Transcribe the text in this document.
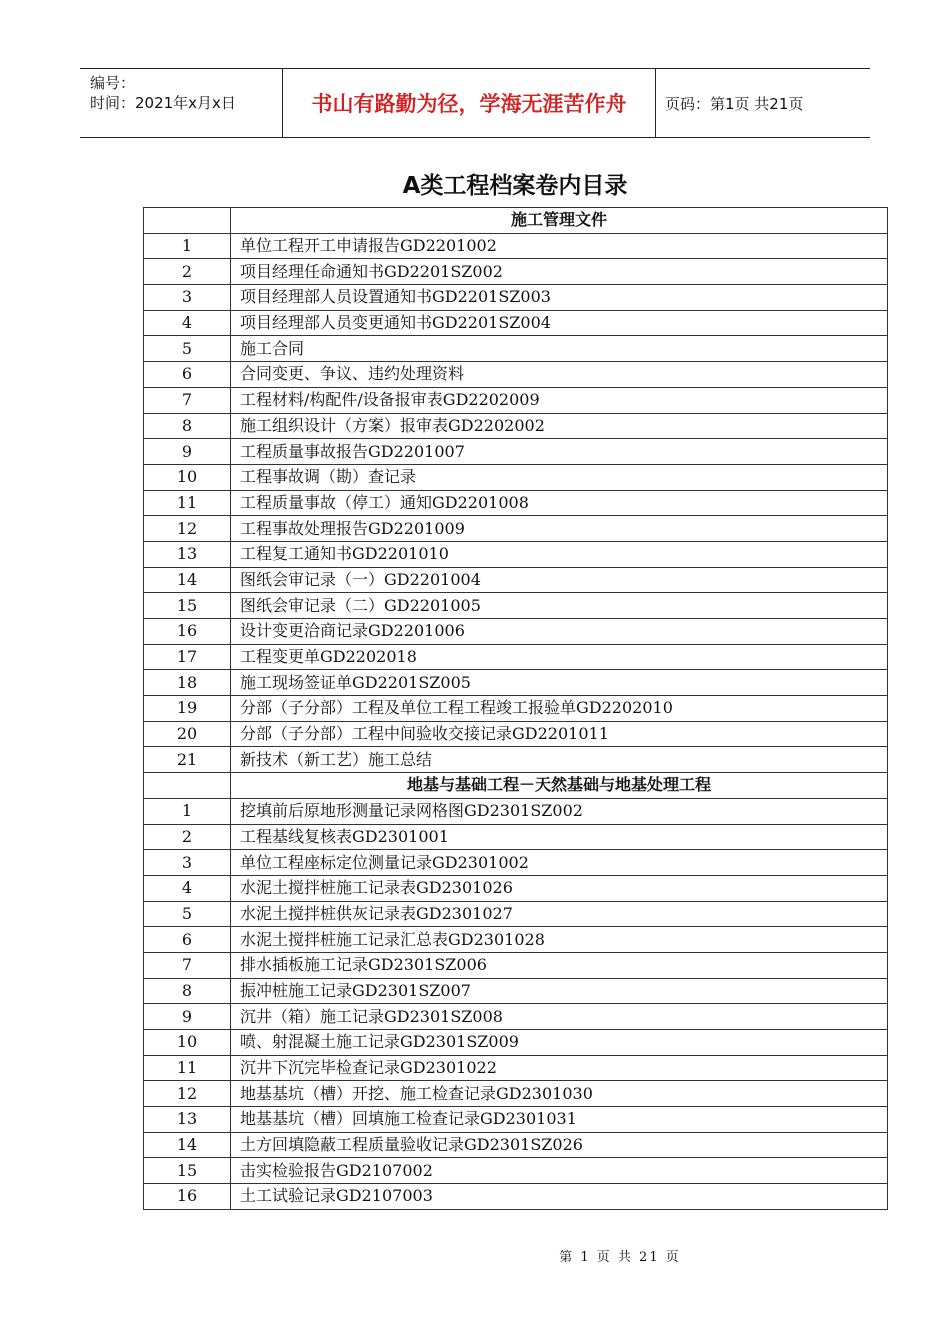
编号：
时间：2021年x月x日	书山有路勤为径，学海无涯苦作舟	页码：第1页 共21页
A类工程档案卷内目录
	施工管理文件
1	单位工程开工申请报告GD2201002
2	项目经理任命通知书GD2201SZ002
3	项目经理部人员设置通知书GD2201SZ003
4	项目经理部人员变更通知书GD2201SZ004
5	施工合同
6	合同变更、争议、违约处理资料
7	工程材料/构配件/设备报审表GD2202009
8	施工组织设计（方案）报审表GD2202002
9	工程质量事故报告GD2201007
10	工程事故调（勘）查记录
11	工程质量事故（停工）通知GD2201008
12	工程事故处理报告GD2201009
13	工程复工通知书GD2201010
14	图纸会审记录（一）GD2201004
15	图纸会审记录（二）GD2201005
16	设计变更洽商记录GD2201006
17	工程变更单GD2202018
18	施工现场签证单GD2201SZ005
19	分部（子分部）工程及单位工程工程竣工报验单GD2202010
20	分部（子分部）工程中间验收交接记录GD2201011
21	新技术（新工艺）施工总结
	地基与基础工程－天然基础与地基处理工程
1	挖填前后原地形测量记录网格图GD2301SZ002
2	工程基线复核表GD2301001
3	单位工程座标定位测量记录GD2301002
4	水泥土搅拌桩施工记录表GD2301026
5	水泥土搅拌桩供灰记录表GD2301027
6	水泥土搅拌桩施工记录汇总表GD2301028
7	排水插板施工记录GD2301SZ006
8	振冲桩施工记录GD2301SZ007
9	沉井（箱）施工记录GD2301SZ008
10	喷、射混凝土施工记录GD2301SZ009
11	沉井下沉完毕检查记录GD2301022
12	地基基坑（槽）开挖、施工检查记录GD2301030
13	地基基坑（槽）回填施工检查记录GD2301031
14	土方回填隐蔽工程质量验收记录GD2301SZ026
15	击实检验报告GD2107002
16	土工试验记录GD2107003
第 1 页 共 21 页
